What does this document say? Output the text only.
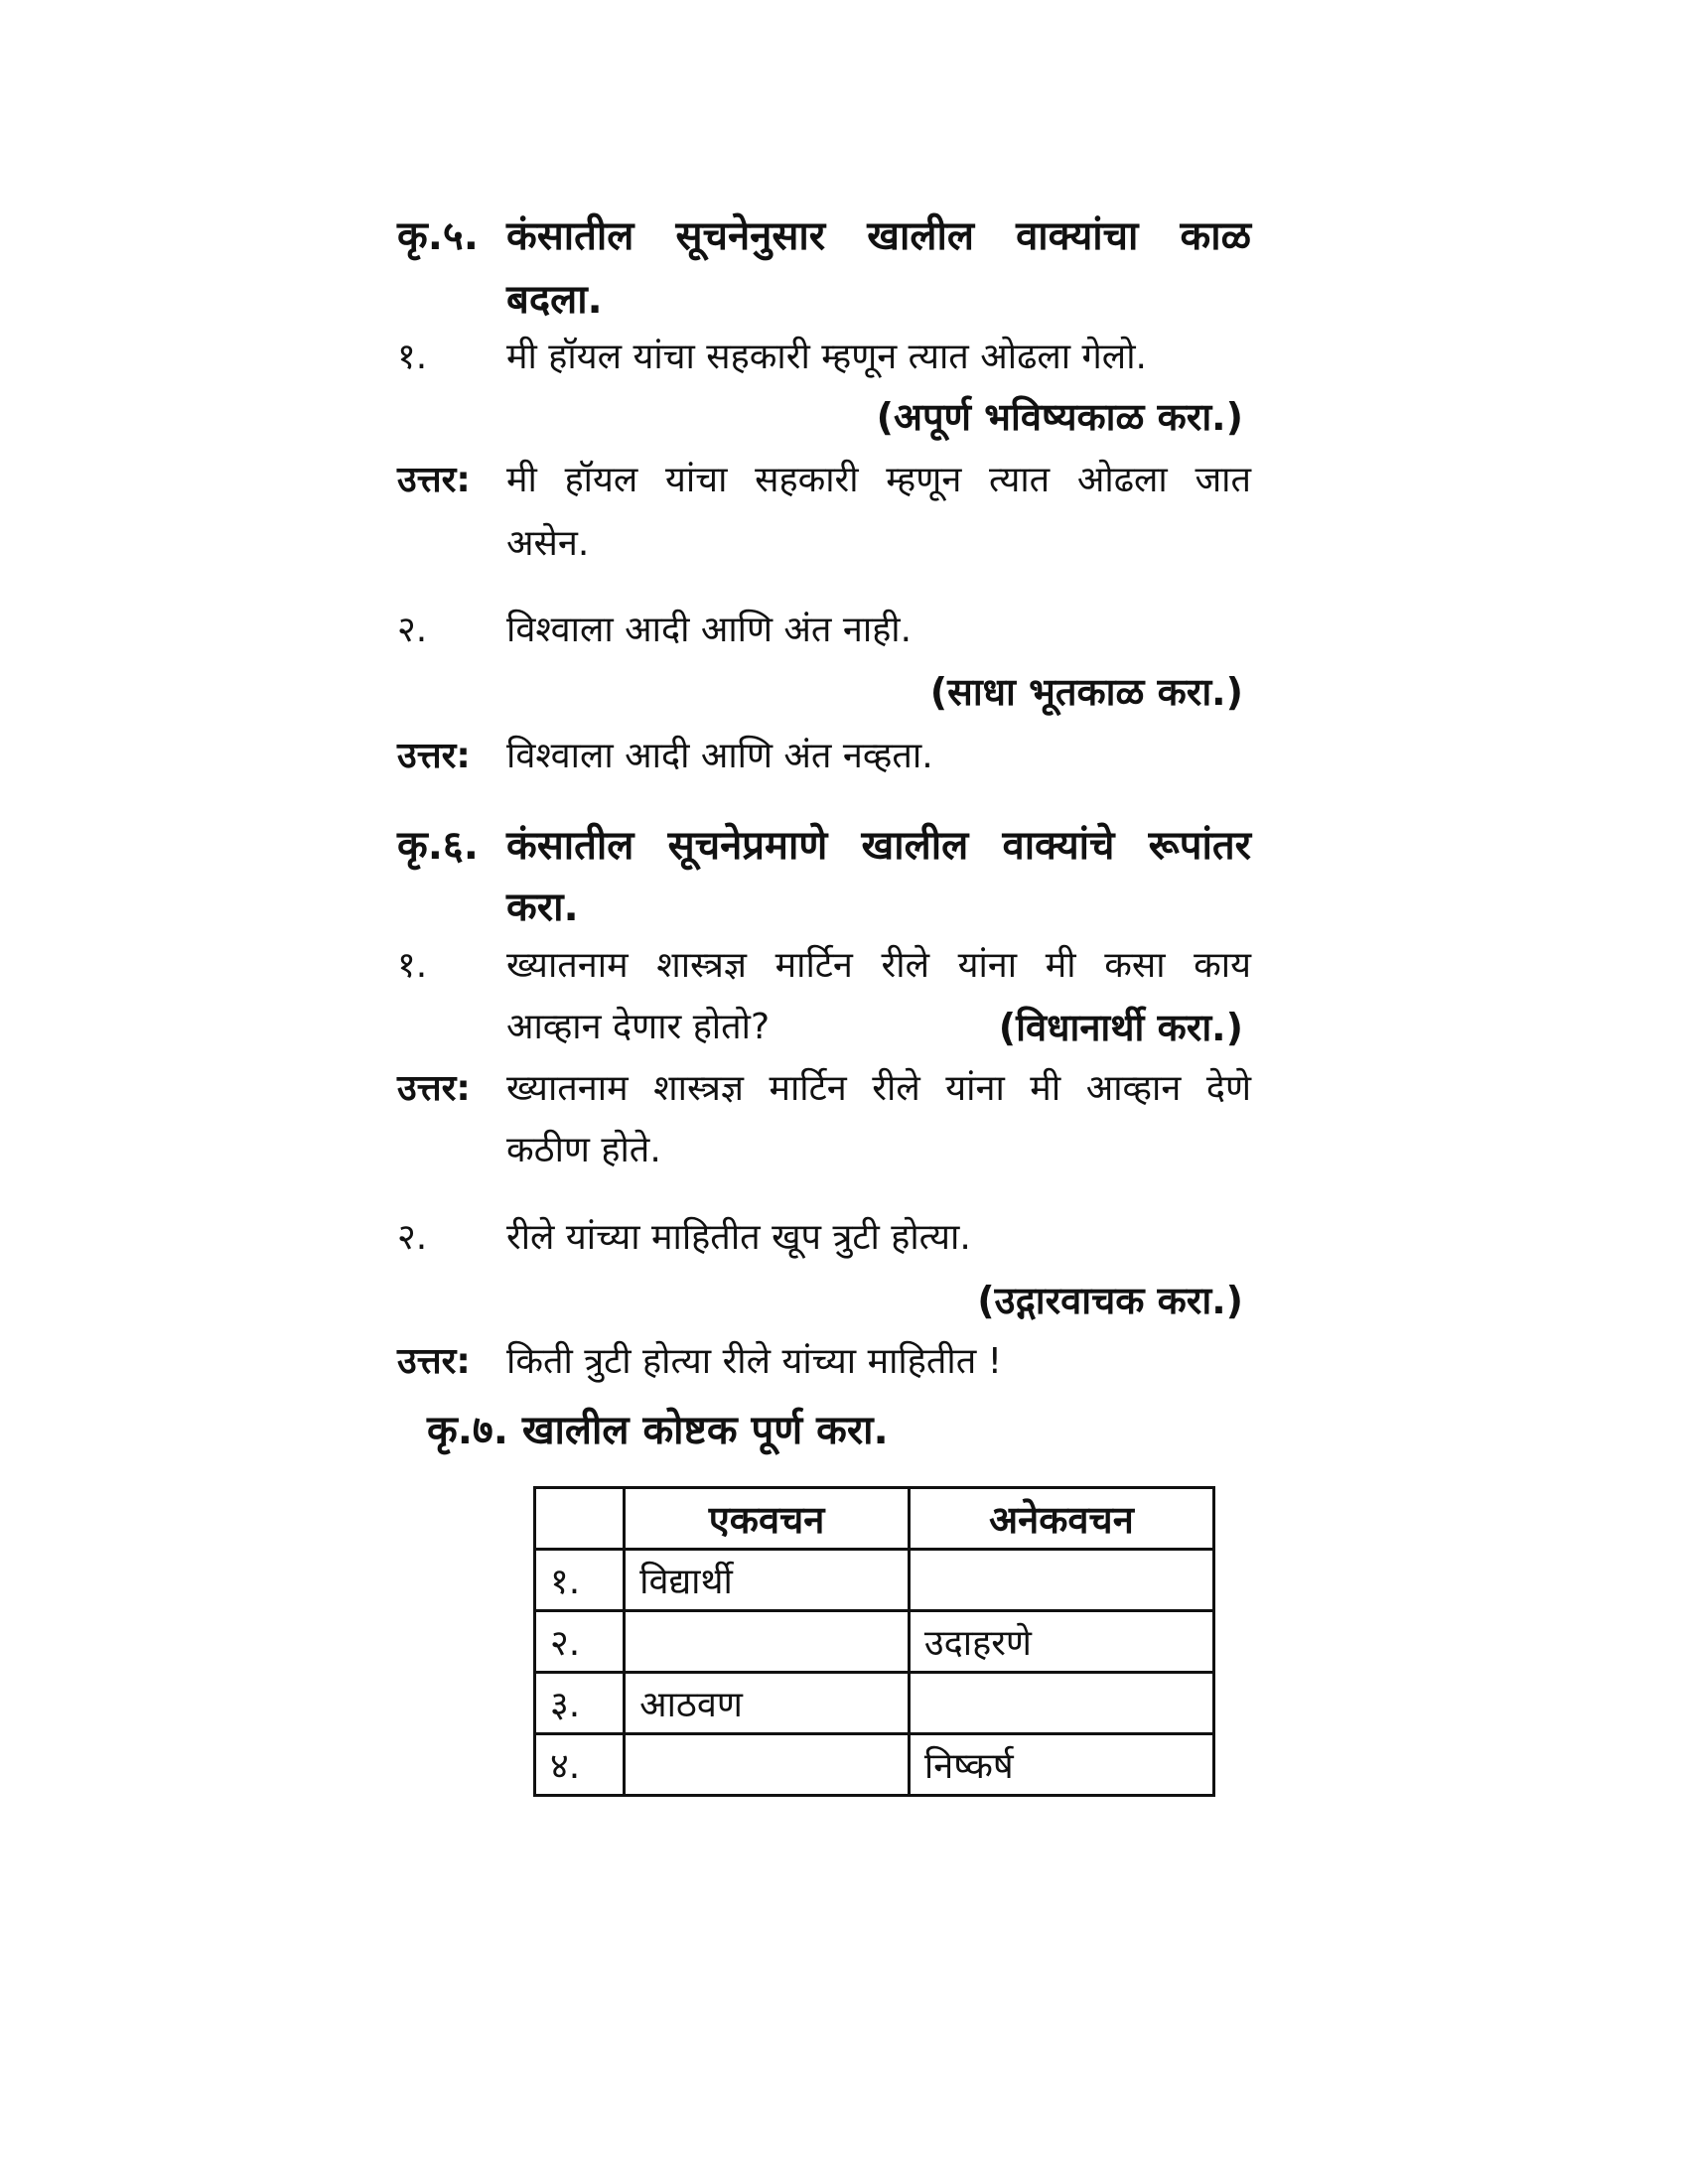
कृ.५. कंसातील सूचनेनुसार खालील वाक्यांचा काळ
बदला.
१. मी हॉयल यांचा सहकारी म्हणून त्यात ओढला गेलो.
(अपूर्ण भविष्यकाळ करा.)
उत्तर: मी हॉयल यांचा सहकारी म्हणून त्यात ओढला जात
असेन.
२. विश्वाला आदी आणि अंत नाही.
(साधा भूतकाळ करा.)
उत्तर: विश्वाला आदी आणि अंत नव्हता.
कृ.६. कंसातील सूचनेप्रमाणे खालील वाक्यांचे रूपांतर
करा.
१. ख्यातनाम शास्त्रज्ञ मार्टिन रीले यांना मी कसा काय
आव्हान देणार होतो?	(विधानार्थी करा.)
उत्तर: ख्यातनाम शास्त्रज्ञ मार्टिन रीले यांना मी आव्हान देणे
कठीण होते.
२. रीले यांच्या माहितीत खूप त्रुटी होत्या.
(उद्गारवाचक करा.)
उत्तर: किती त्रुटी होत्या रीले यांच्या माहितीत !
कृ.७. खालील कोष्टक पूर्ण करा.
	एकवचन	अनेकवचन
१.	विद्यार्थी	
२.		उदाहरणे
३.	आठवण	
४.		निष्कर्ष
